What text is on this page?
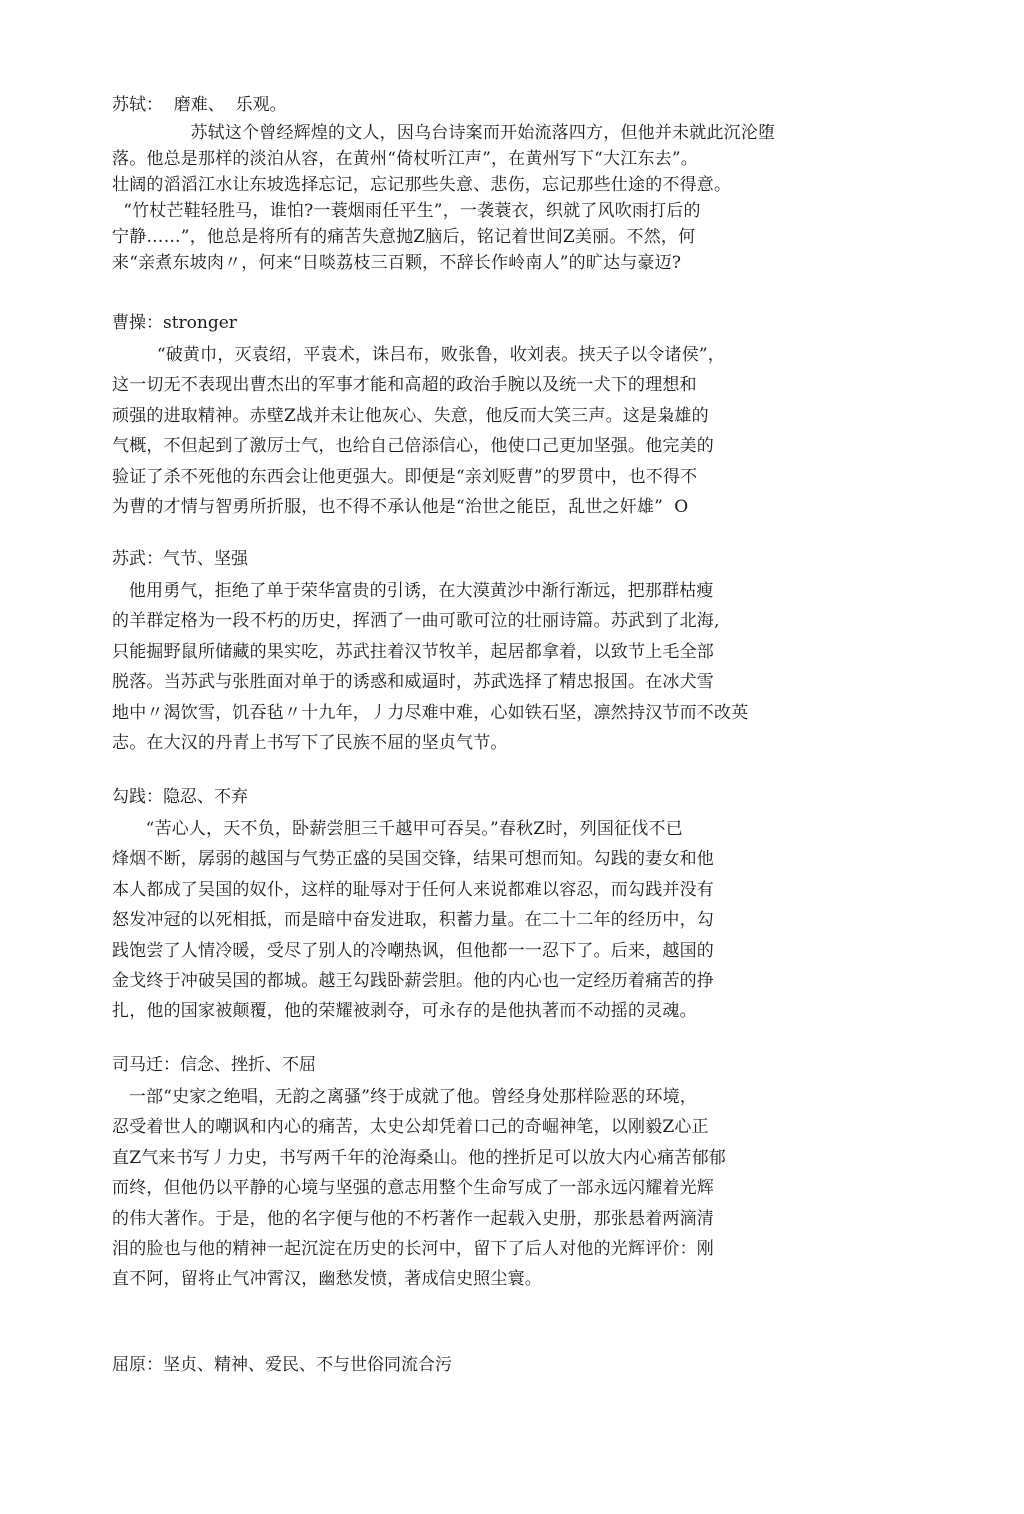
苏轼：  磨难、  乐观。

苏轼这个曾经辉煌的文人，因乌台诗案而开始流落四方，但他并未就此沉沦堕

落。他总是那样的淡泊从容，在黄州“倚杖听江声”，在黄州写下“大江东去”。

壮阔的滔滔江水让东坡选择忘记，忘记那些失意、悲伤，忘记那些仕途的不得意。

“竹杖芒鞋轻胜马，谁怕?一蓑烟雨任平生”，一袭蓑衣，织就了风吹雨打后的

宁静……”，他总是将所有的痛苦失意抛Z脑后，铭记着世间Z美丽。不然，何

来“亲煮东坡肉〃，何来“日啖荔枝三百颗，不辞长作岭南人”的旷达与豪迈?

曹操：stronger

“破黄巾，灭袁绍，平袁术，诛吕布，败张鲁，收刘表。挟天子以令诸侯”，

这一切无不表现出曹杰出的军事才能和高超的政治手腕以及统一犬下的理想和

顽强的进取精神。赤壁Z战并未让他灰心、失意，他反而大笑三声。这是枭雄的

气概，不但起到了激厉士气，也给自己倍添信心，他使口己更加坚强。他完美的

验证了杀不死他的东西会让他更强大。即便是“亲刘贬曹”的罗贯中，也不得不

为曹的才情与智勇所折服，也不得不承认他是“治世之能臣，乱世之奸雄”  O

苏武：气节、坚强

他用勇气，拒绝了单于荣华富贵的引诱，在大漠黄沙中渐行渐远，把那群枯瘦

的羊群定格为一段不朽的历史，挥洒了一曲可歌可泣的壮丽诗篇。苏武到了北海,

只能掘野鼠所储藏的果实吃，苏武拄着汉节牧羊，起居都拿着，以致节上毛全部

脱落。当苏武与张胜面对单于的诱惑和威逼时，苏武选择了精忠报国。在冰犬雪

地中〃渴饮雪，饥吞毡〃十九年，丿力尽难中难，心如铁石坚，凛然持汉节而不改英

志。在大汉的丹青上书写下了民族不屈的坚贞气节。

勾践：隐忍、不弃

“苦心人，天不负，卧薪尝胆三千越甲可吞吴。”春秋Z时，列国征伐不已

烽烟不断，孱弱的越国与气势正盛的吴国交锋，结果可想而知。勾践的妻女和他

本人都成了吴国的奴仆，这样的耻辱对于任何人来说都难以容忍，而勾践并没有

怒发冲冠的以死相抵，而是暗中奋发进取，积蓄力量。在二十二年的经历中，勾

践饱尝了人情冷暖，受尽了别人的冷嘲热讽，但他都一一忍下了。后来，越国的

金戈终于冲破吴国的都城。越王勾践卧薪尝胆。他的内心也一定经历着痛苦的挣

扎，他的国家被颠覆，他的荣耀被剥夺，可永存的是他执著而不动摇的灵魂。

司马迁：信念、挫折、不屈

一部“史家之绝唱，无韵之离骚”终于成就了他。曾经身处那样险恶的环境，

忍受着世人的嘲讽和内心的痛苦，太史公却凭着口己的奇崛神笔，以刚毅Z心正

直Z气来书写丿力史，书写两千年的沧海桑山。他的挫折足可以放大内心痛苦郁郁

而终，但他仍以平静的心境与坚强的意志用整个生命写成了一部永远闪耀着光辉

的伟大著作。于是，他的名字便与他的不朽著作一起载入史册，那张悬着两滴清

泪的脸也与他的精神一起沉淀在历史的长河中，留下了后人对他的光辉评价：刚

直不阿，留将止气冲霄汉，幽愁发愤，著成信史照尘寰。

屈原：坚贞、精神、爱民、不与世俗同流合污
